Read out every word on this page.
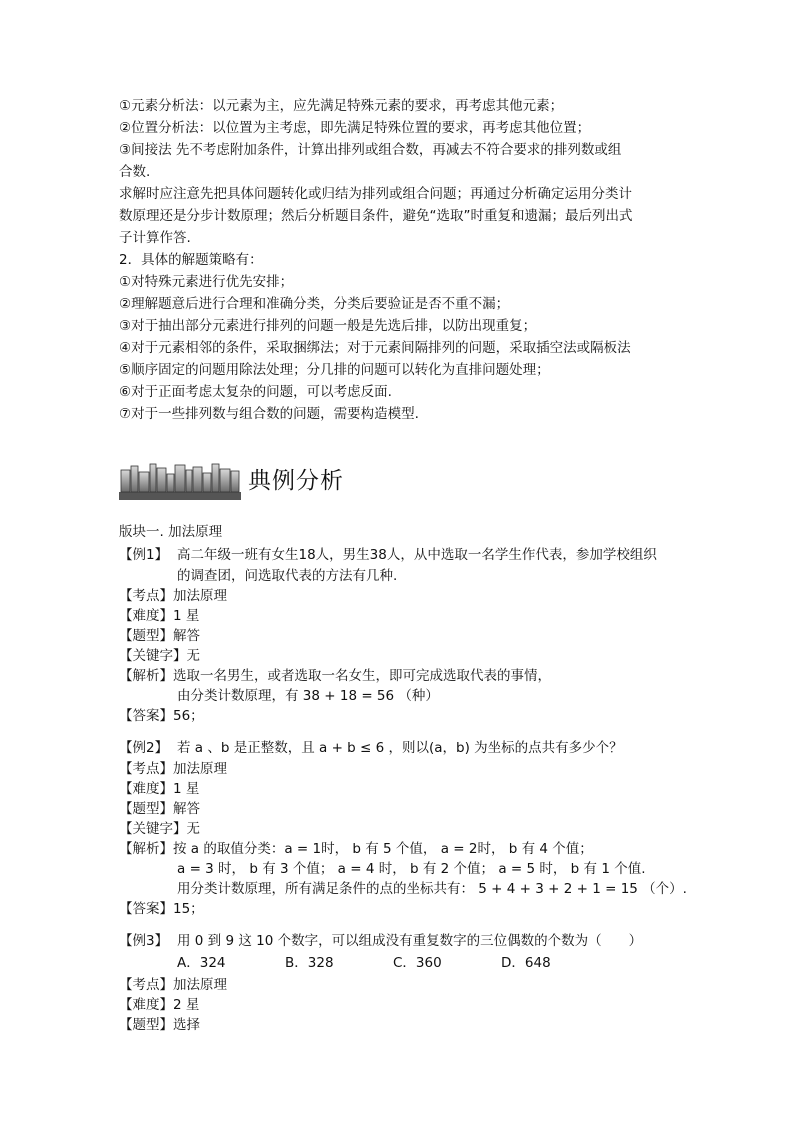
①元素分析法：以元素为主，应先满足特殊元素的要求，再考虑其他元素；
②位置分析法：以位置为主考虑，即先满足特殊位置的要求，再考虑其他位置；
③间接法 先不考虑附加条件，计算出排列或组合数，再减去不符合要求的排列数或组
合数.
求解时应注意先把具体问题转化或归结为排列或组合问题；再通过分析确定运用分类计
数原理还是分步计数原理；然后分析题目条件，避免“选取”时重复和遗漏；最后列出式
子计算作答.
2．具体的解题策略有：
①对特殊元素进行优先安排；
②理解题意后进行合理和准确分类，分类后要验证是否不重不漏；
③对于抽出部分元素进行排列的问题一般是先选后排，以防出现重复；
④对于元素相邻的条件，采取捆绑法；对于元素间隔排列的问题，采取插空法或隔板法
⑤顺序固定的问题用除法处理；分几排的问题可以转化为直排问题处理；
⑥对于正面考虑太复杂的问题，可以考虑反面.
⑦对于一些排列数与组合数的问题，需要构造模型.
典例分析
版块一. 加法原理
【例1】 高二年级一班有女生18人，男生38人，从中选取一名学生作代表，参加学校组织
的调查团，问选取代表的方法有几种.
【考点】加法原理
【难度】1 星
【题型】解答
【关键字】无
【解析】选取一名男生，或者选取一名女生，即可完成选取代表的事情，
由分类计数原理，有 38 + 18 = 56 （种）
【答案】56；
【例2】 若 a 、b 是正整数，且 a + b ≤ 6 ，则以(a，b) 为坐标的点共有多少个？
【考点】加法原理
【难度】1 星
【题型】解答
【关键字】无
【解析】按 a 的取值分类：a = 1时， b 有 5 个值， a = 2时， b 有 4 个值；
a = 3 时， b 有 3 个值； a = 4 时， b 有 2 个值； a = 5 时， b 有 1 个值.
用分类计数原理，所有满足条件的点的坐标共有： 5 + 4 + 3 + 2 + 1 = 15 （个）.
【答案】15；
【例3】 用 0 到 9 这 10 个数字，可以组成没有重复数字的三位偶数的个数为（　　）
A．324	B．328	C．360	D．648
【考点】加法原理
【难度】2 星
【题型】选择
